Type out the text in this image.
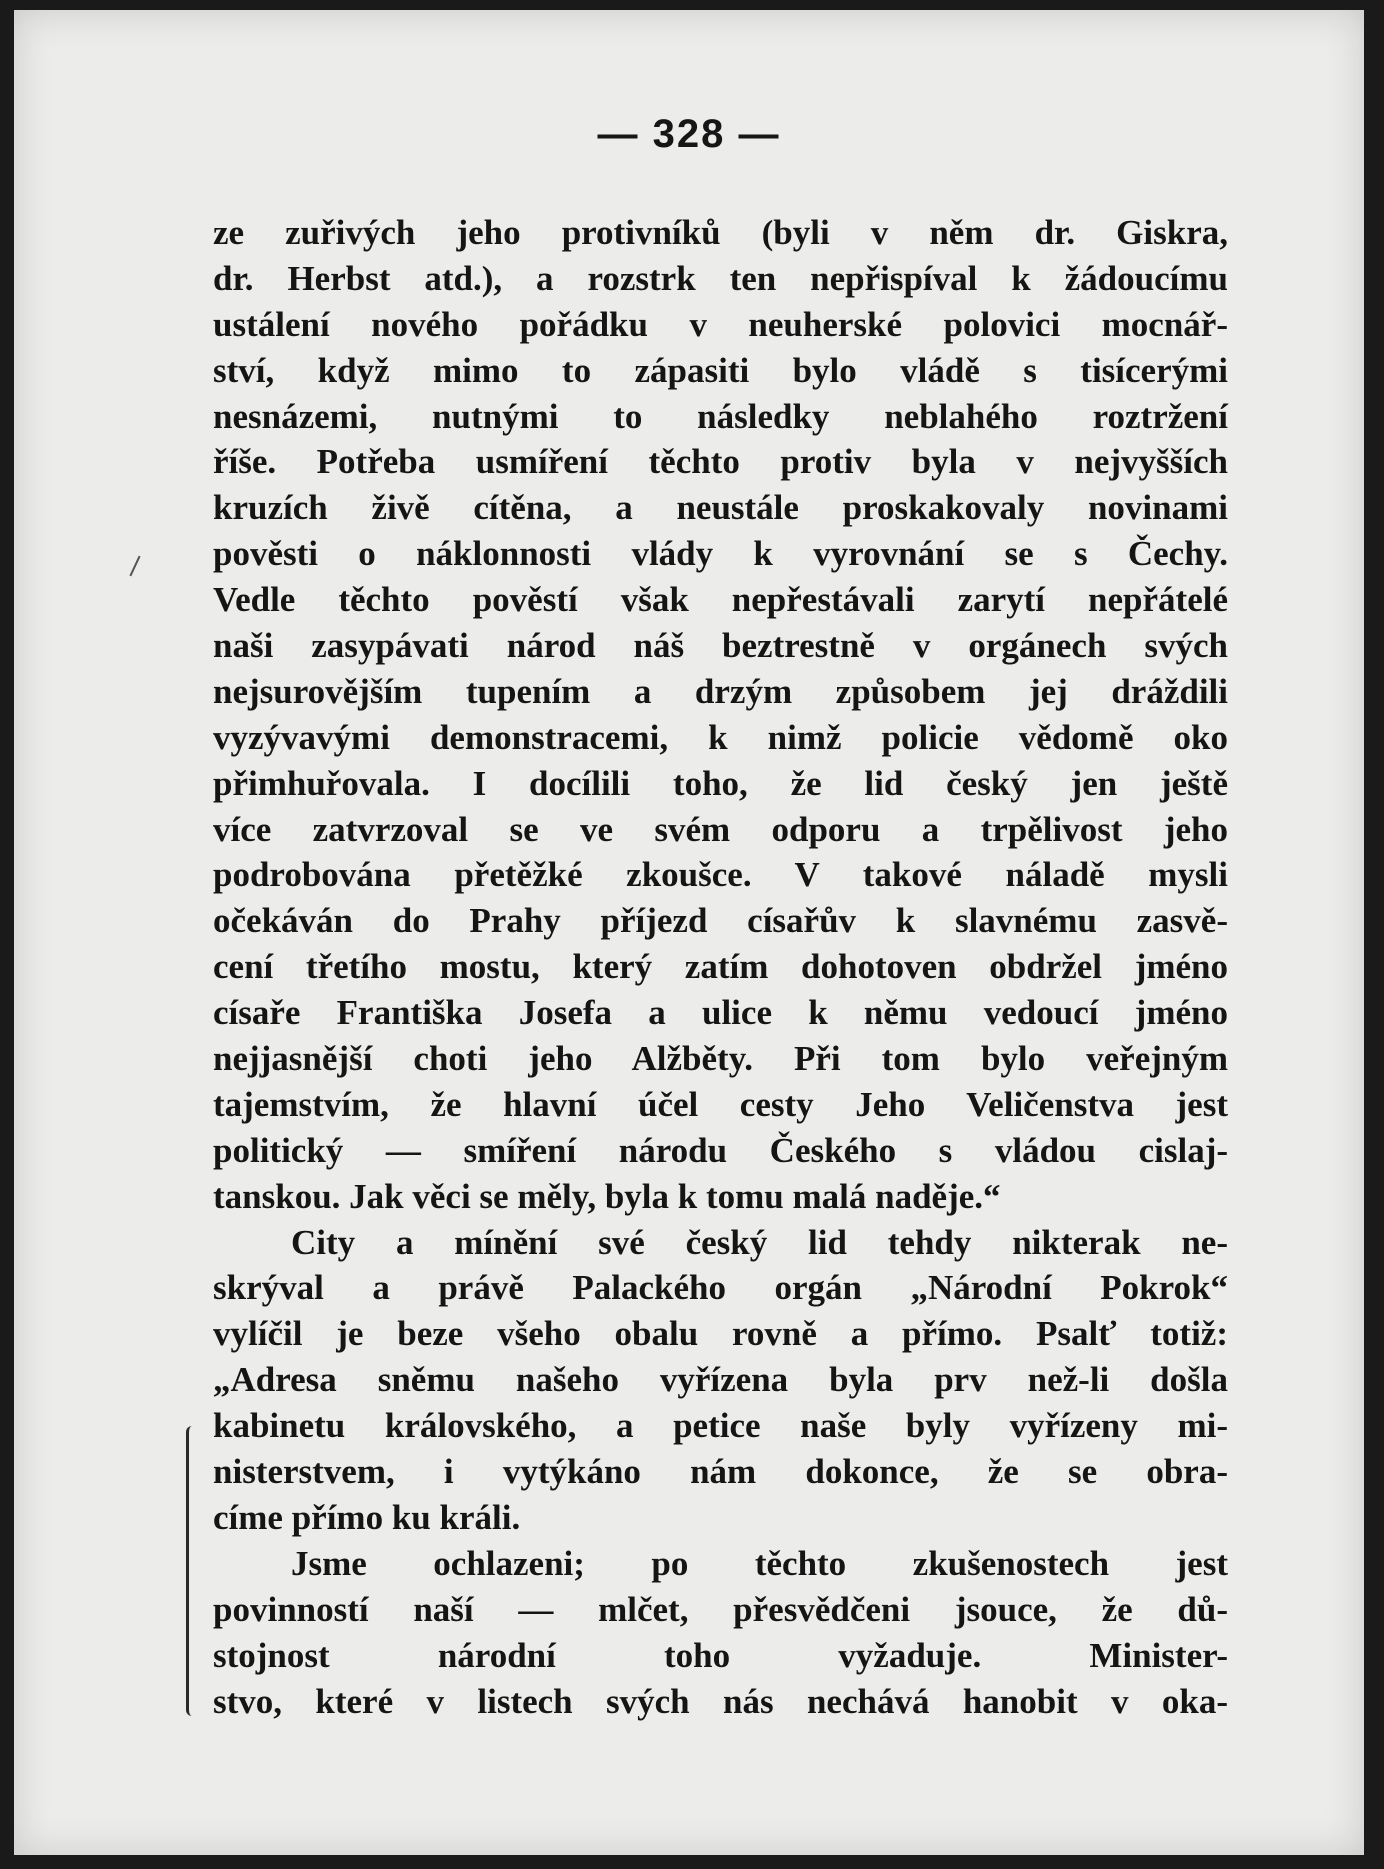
— 328 —
ze zuřivých jeho protivníků (byli v něm dr. Giskra,
dr. Herbst atd.), a rozstrk ten nepřispíval k žádoucímu
ustálení nového pořádku v neuherské polovici mocnář-
ství, když mimo to zápasiti bylo vládě s tisícerými
nesnázemi, nutnými to následky neblahého roztržení
říše. Potřeba usmíření těchto protiv byla v nejvyšších
kruzích živě cítěna, a neustále proskakovaly novinami
pověsti o náklonnosti vlády k vyrovnání se s Čechy.
Vedle těchto pověstí však nepřestávali zarytí nepřátelé
naši zasypávati národ náš beztrestně v orgánech svých
nejsurovějším tupením a drzým způsobem jej dráždili
vyzývavými demonstracemi, k nimž policie vědomě oko
přimhuřovala. I docílili toho, že lid český jen ještě
více zatvrzoval se ve svém odporu a trpělivost jeho
podrobována přetěžké zkoušce. V takové náladě mysli
očekáván do Prahy příjezd císařův k slavnému zasvě-
cení třetího mostu, který zatím dohotoven obdržel jméno
císaře Františka Josefa a ulice k němu vedoucí jméno
nejjasnější choti jeho Alžběty. Při tom bylo veřejným
tajemstvím, že hlavní účel cesty Jeho Veličenstva jest
politický — smíření národu Českého s vládou cislaj-
tanskou. Jak věci se měly, byla k tomu malá naděje.“
City a mínění své český lid tehdy nikterak ne-
skrýval a právě Palackého orgán „Národní Pokrok“
vylíčil je beze všeho obalu rovně a přímo. Psalť totiž:
„Adresa sněmu našeho vyřízena byla prv než-li došla
kabinetu královského, a petice naše byly vyřízeny mi-
nisterstvem, i vytýkáno nám dokonce, že se obra-
címe přímo ku králi.
Jsme ochlazeni; po těchto zkušenostech jest
povinností naší — mlčet, přesvědčeni jsouce, že dů-
stojnost národní toho vyžaduje. Minister-
stvo, které v listech svých nás nechává hanobit v oka-
